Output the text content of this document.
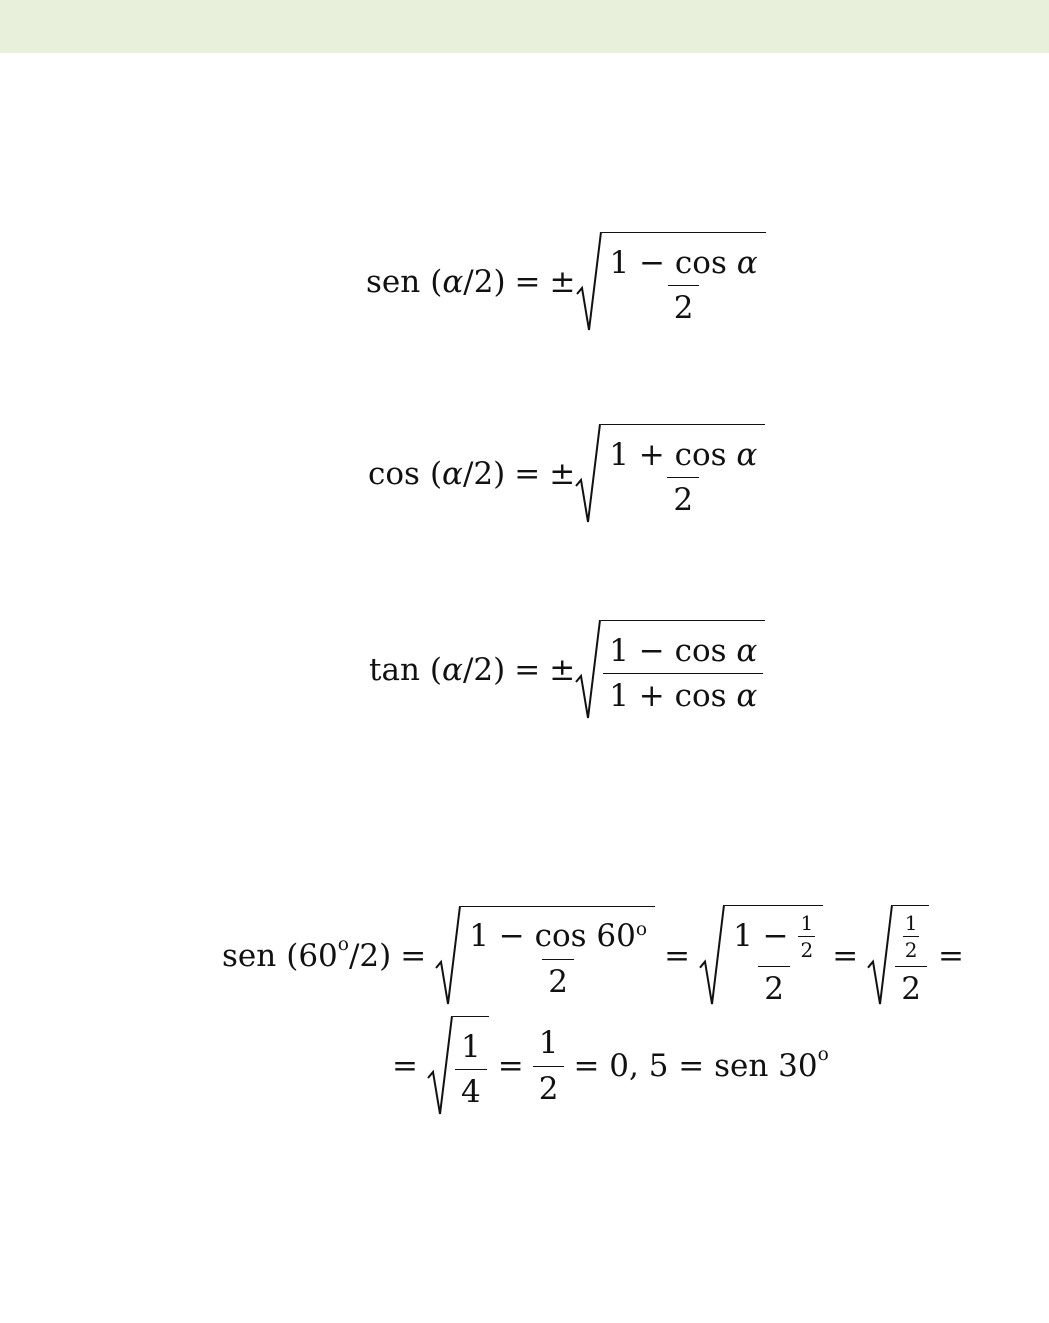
sen ( α /2) = ± $\frac{\text{1 − cos α}}{2}$
cos ( α /2) = ± $\frac{\text{1 + cos α}}{2}$
tan ( α /2) = ± $\frac{\text{1 − cos α}}{\text{1 + cos α}}$
sen (60 o $/2) = \frac{1 - \cos 60^o}{2} = 1$ −
$\frac{1}{2}$
$2 = \frac{\frac{1}{2}}{2}$ =
= $\frac{1}{4} = \frac{1}{2} = 0$, 5 = sen 30 o
